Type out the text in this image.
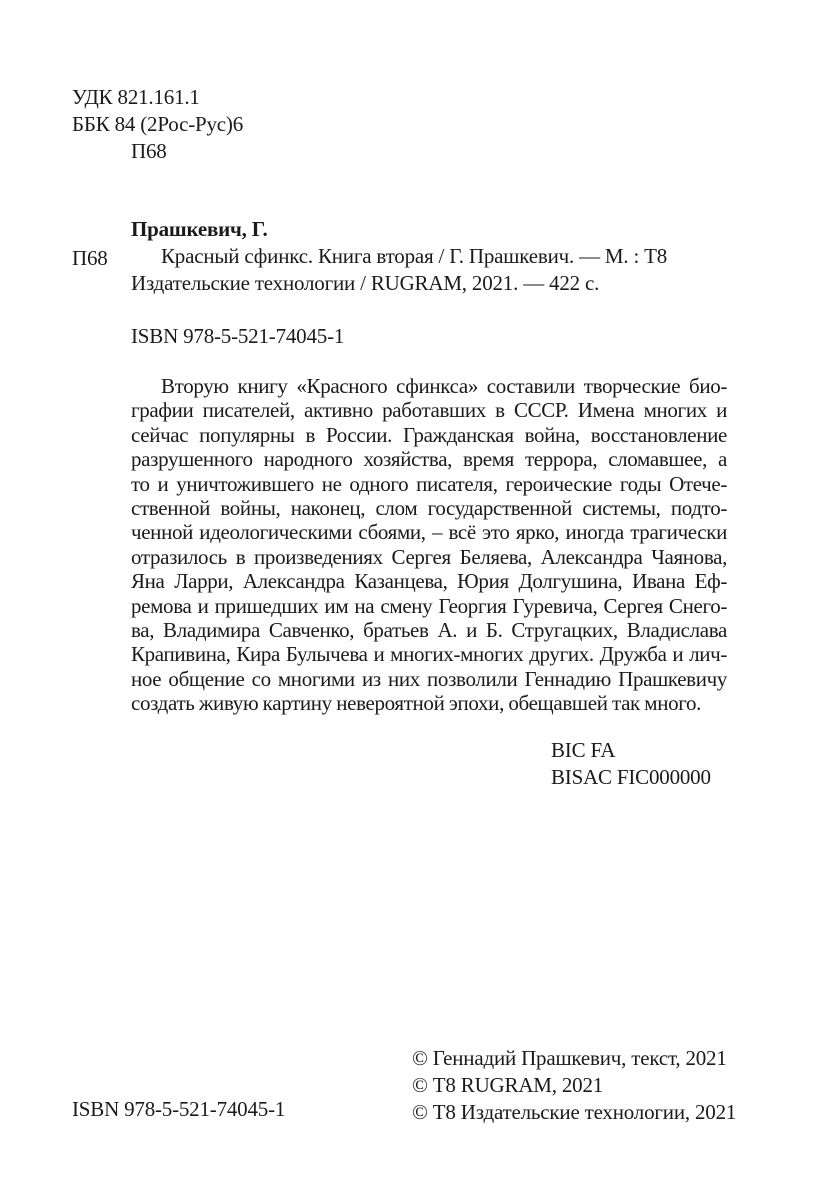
УДК 821.161.1
ББК 84 (2Рос-Рус)6
П68
Прашкевич, Г.
П68	Красный сфинкс. Книга вторая / Г. Прашкевич. — М. : Т8
Издательские технологии / RUGRAM, 2021. — 422 с.
ISBN 978-5-521-74045-1
Вторую книгу «Красного сфинкса» составили творческие био-
графии писателей, активно работавших в СССР. Имена многих и
сейчас популярны в России. Гражданская война, восстановление
разрушенного народного хозяйства, время террора, сломавшее, а
то и уничтожившего не одного писателя, героические годы Отече-
ственной войны, наконец, слом государственной системы, подто-
ченной идеологическими сбоями, – всё это ярко, иногда трагически
отразилось в произведениях Сергея Беляева, Александра Чаянова,
Яна Ларри, Александра Казанцева, Юрия Долгушина, Ивана Еф-
ремова и пришедших им на смену Георгия Гуревича, Сергея Снего-
ва, Владимира Савченко, братьев А. и Б. Стругацких, Владислава
Крапивина, Кира Булычева и многих-многих других. Дружба и лич-
ное общение со многими из них позволили Геннадию Прашкевичу
создать живую картину невероятной эпохи, обещавшей так много.
BIC FA
BISAC FIC000000
© Геннадий Прашкевич, текст, 2021
© Т8 RUGRAM, 2021
ISBN 978-5-521-74045-1	© Т8 Издательские технологии, 2021
